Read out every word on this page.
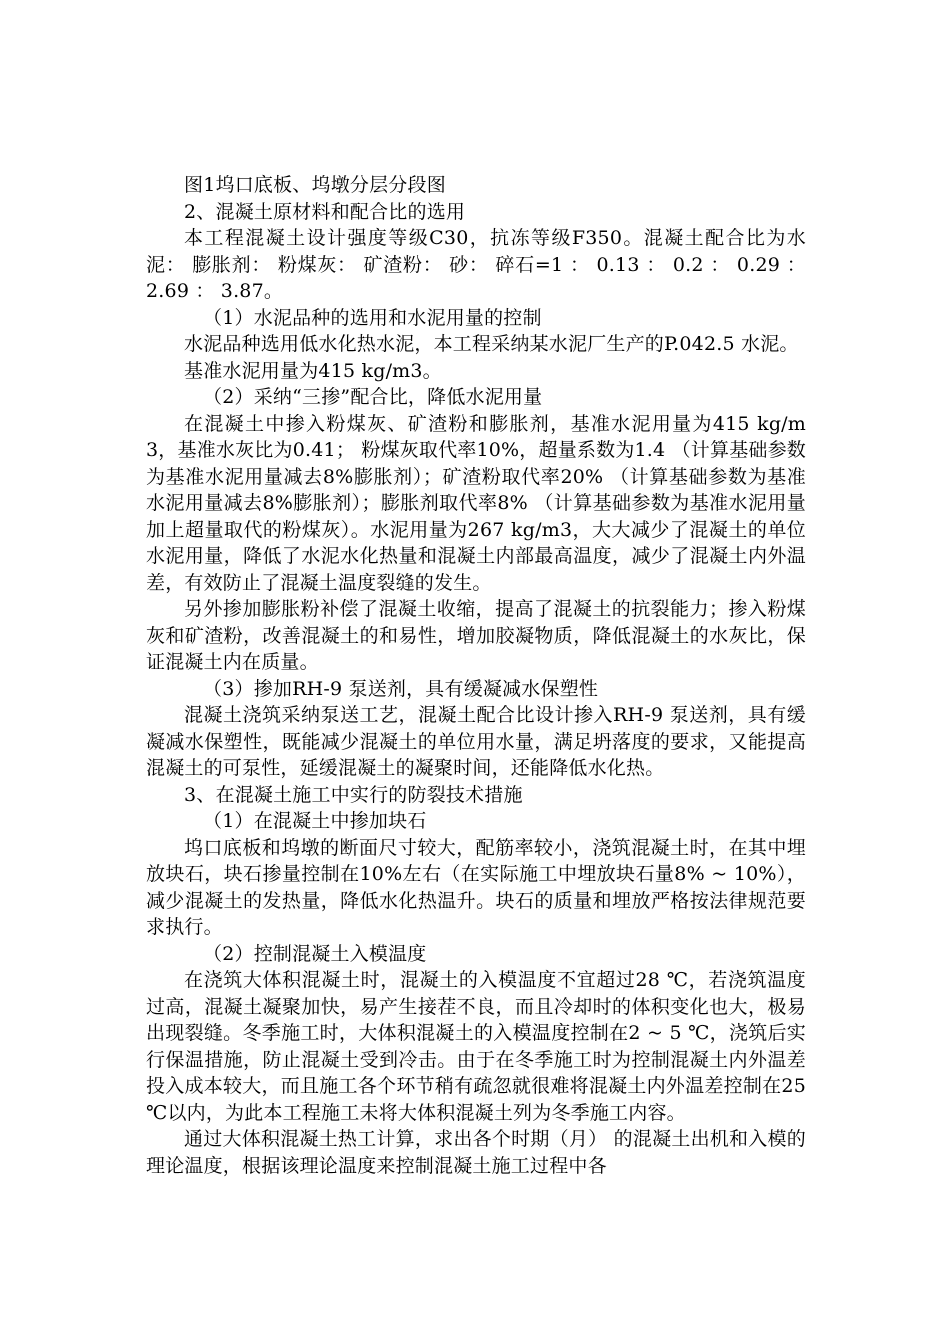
图1坞口底板、坞墩分层分段图

2、混凝土原材料和配合比的选用

本工程混凝土设计强度等级C30，抗冻等级F350。混凝土配合比为水泥： 膨胀剂： 粉煤灰： 矿渣粉： 砂： 碎石=1 ： 0.13 ： 0.2 ： 0.29 ： 2.69 ： 3.87。

（1）水泥品种的选用和水泥用量的控制

水泥品种选用低水化热水泥，本工程采纳某水泥厂生产的P.042.5 水泥。

基准水泥用量为415 kg/m3。

（2）采纳“三掺”配合比，降低水泥用量

在混凝土中掺入粉煤灰、矿渣粉和膨胀剂，基准水泥用量为415 kg/m3，基准水灰比为0.41； 粉煤灰取代率10%，超量系数为1.4 （计算基础参数为基准水泥用量减去8%膨胀剂）；矿渣粉取代率20% （计算基础参数为基准水泥用量减去8%膨胀剂）；膨胀剂取代率8% （计算基础参数为基准水泥用量加上超量取代的粉煤灰）。水泥用量为267 kg/m3，大大减少了混凝土的单位水泥用量，降低了水泥水化热量和混凝土内部最高温度，减少了混凝土内外温差，有效防止了混凝土温度裂缝的发生。

另外掺加膨胀粉补偿了混凝土收缩，提高了混凝土的抗裂能力；掺入粉煤灰和矿渣粉，改善混凝土的和易性，增加胶凝物质，降低混凝土的水灰比，保证混凝土内在质量。

（3）掺加RH-9 泵送剂，具有缓凝减水保塑性

混凝土浇筑采纳泵送工艺，混凝土配合比设计掺入RH-9 泵送剂，具有缓凝减水保塑性，既能减少混凝土的单位用水量，满足坍落度的要求，又能提高混凝土的可泵性，延缓混凝土的凝聚时间，还能降低水化热。

3、在混凝土施工中实行的防裂技术措施

（1）在混凝土中掺加块石

坞口底板和坞墩的断面尺寸较大，配筋率较小，浇筑混凝土时，在其中埋放块石，块石掺量控制在10%左右（在实际施工中埋放块石量8% ~ 10%），减少混凝土的发热量，降低水化热温升。块石的质量和埋放严格按法律规范要求执行。

（2）控制混凝土入模温度

在浇筑大体积混凝土时，混凝土的入模温度不宜超过28 ℃，若浇筑温度过高，混凝土凝聚加快，易产生接茬不良，而且冷却时的体积变化也大，极易出现裂缝。冬季施工时，大体积混凝土的入模温度控制在2 ~ 5 ℃，浇筑后实行保温措施，防止混凝土受到冷击。由于在冬季施工时为控制混凝土内外温差投入成本较大，而且施工各个环节稍有疏忽就很难将混凝土内外温差控制在25 ℃以内，为此本工程施工未将大体积混凝土列为冬季施工内容。

通过大体积混凝土热工计算，求出各个时期（月） 的混凝土出机和入模的理论温度，根据该理论温度来控制混凝土施工过程中各
